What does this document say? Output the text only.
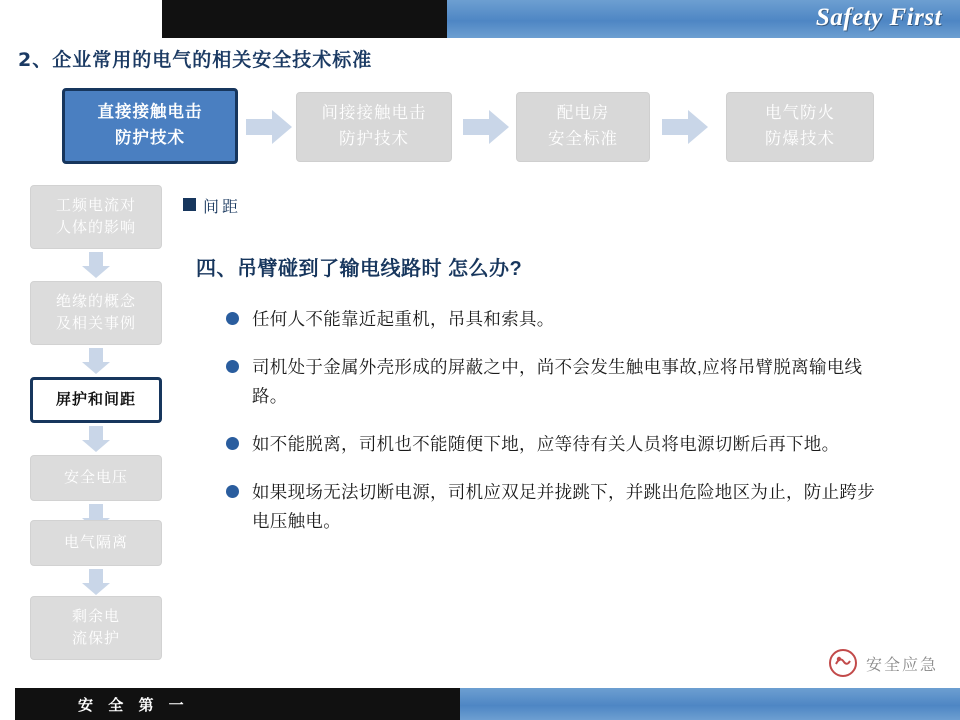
Safety First
2、企业常用的电气的相关安全技术标准
直接接触电击
防护技术
间接接触电击
防护技术
配电房
安全标准
电气防火
防爆技术
工频电流对
人体的影响
绝缘的概念
及相关事例
屏护和间距
安全电压
电气隔离
剩余电
流保护
间距
四、吊臂碰到了输电线路时 怎么办?
任何人不能靠近起重机，吊具和索具。
司机处于金属外壳形成的屏蔽之中，尚不会发生触电事故,应将吊臂脱离输电线路。
如不能脱离，司机也不能随便下地，应等待有关人员将电源切断后再下地。
如果现场无法切断电源，司机应双足并拢跳下，并跳出危险地区为止，防止跨步电压触电。
安全应急
安 全 第 一
